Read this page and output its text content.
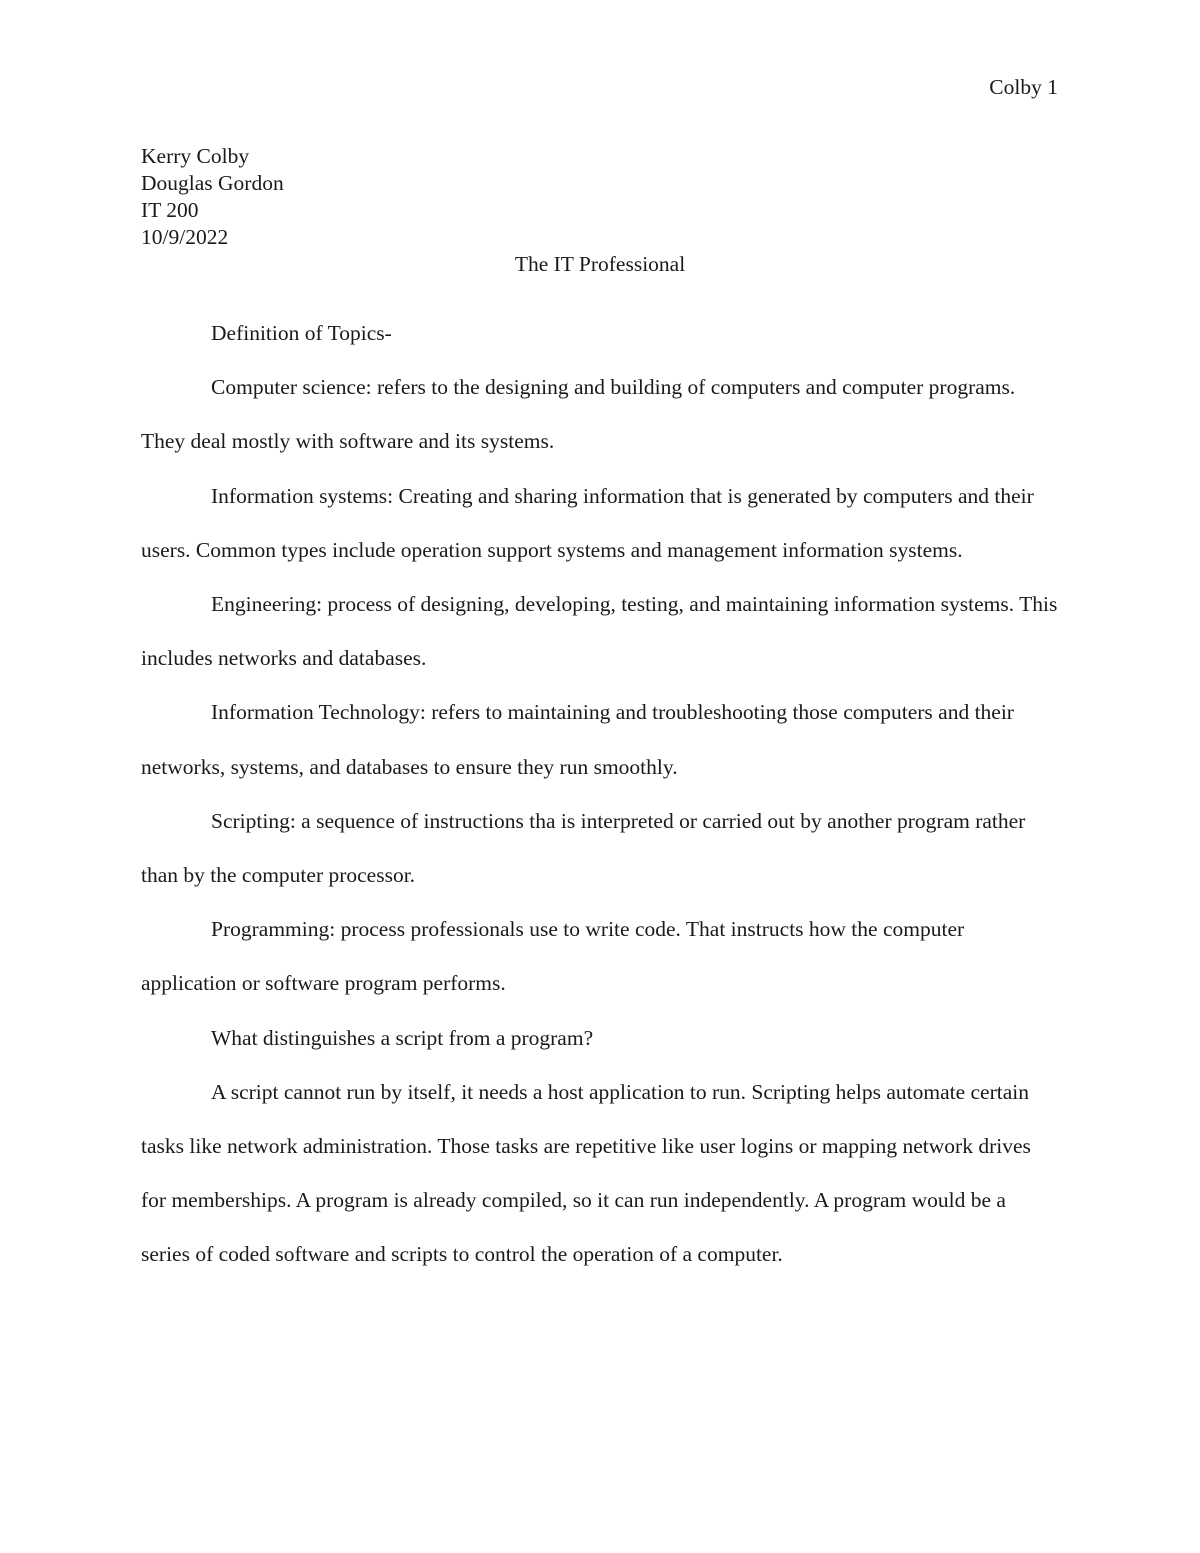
Colby 1
Kerry Colby
Douglas Gordon
IT 200
10/9/2022
The IT Professional

Definition of Topics-

Computer science: refers to the designing and building of computers and computer programs. They deal mostly with software and its systems.

Information systems: Creating and sharing information that is generated by computers and their users. Common types include operation support systems and management information systems.

Engineering: process of designing, developing, testing, and maintaining information systems. This includes networks and databases.

Information Technology: refers to maintaining and troubleshooting those computers and their networks, systems, and databases to ensure they run smoothly.

Scripting: a sequence of instructions tha is interpreted or carried out by another program rather than by the computer processor.

Programming: process professionals use to write code. That instructs how the computer application or software program performs.

What distinguishes a script from a program?

A script cannot run by itself, it needs a host application to run. Scripting helps automate certain tasks like network administration. Those tasks are repetitive like user logins or mapping network drives for memberships. A program is already compiled, so it can run independently. A program would be a series of coded software and scripts to control the operation of a computer.
